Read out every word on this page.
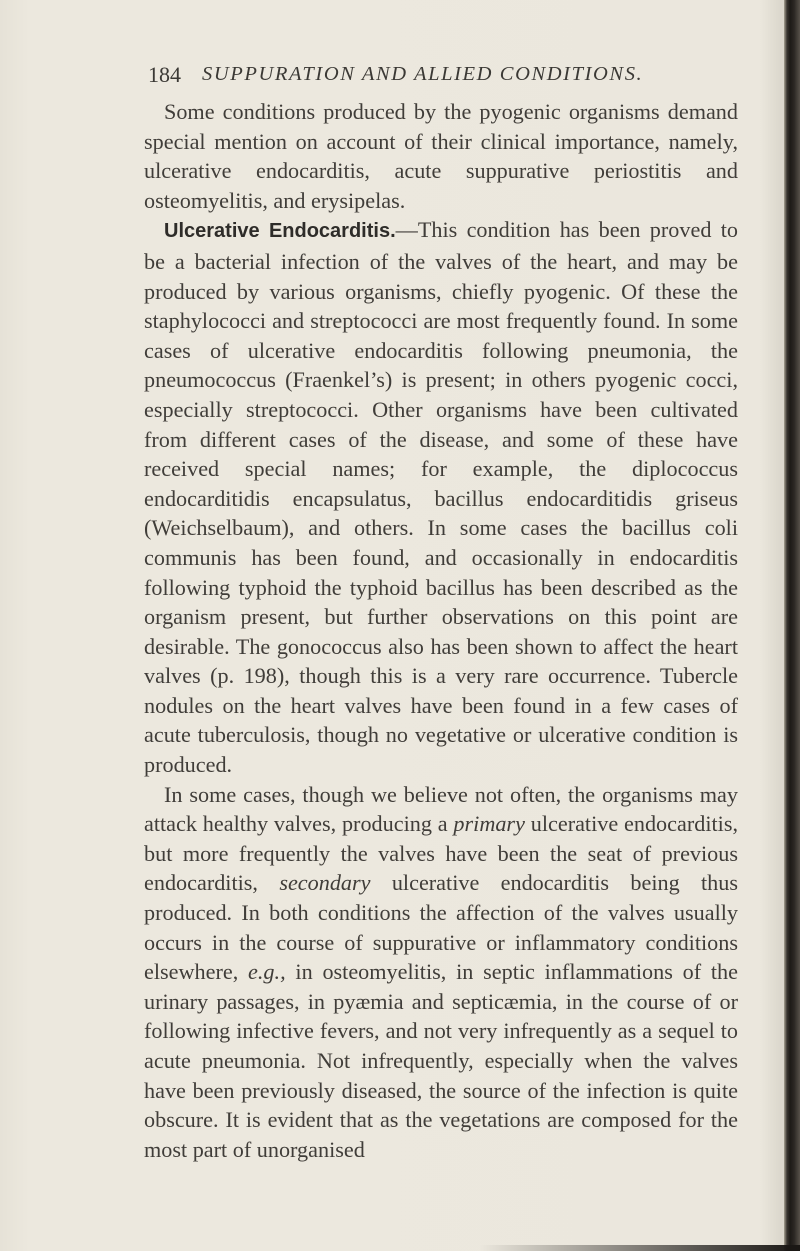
184 SUPPURATION AND ALLIED CONDITIONS.

Some conditions produced by the pyogenic organisms demand special mention on account of their clinical importance, namely, ulcerative endocarditis, acute suppurative periostitis and osteomyelitis, and erysipelas.

Ulcerative Endocarditis.—This condition has been proved to be a bacterial infection of the valves of the heart, and may be produced by various organisms, chiefly pyogenic. Of these the staphylococci and streptococci are most frequently found. In some cases of ulcerative endocarditis following pneumonia, the pneumococcus (Fraenkel’s) is present; in others pyogenic cocci, especially streptococci. Other organisms have been cultivated from different cases of the disease, and some of these have received special names; for example, the diplococcus endocarditidis encapsulatus, bacillus endocarditidis griseus (Weichselbaum), and others. In some cases the bacillus coli communis has been found, and occasionally in endocarditis following typhoid the typhoid bacillus has been described as the organism present, but further observations on this point are desirable. The gonococcus also has been shown to affect the heart valves (p. 198), though this is a very rare occurrence. Tubercle nodules on the heart valves have been found in a few cases of acute tuberculosis, though no vegetative or ulcerative condition is produced.

In some cases, though we believe not often, the organisms may attack healthy valves, producing a primary ulcerative endocarditis, but more frequently the valves have been the seat of previous endocarditis, secondary ulcerative endocarditis being thus produced. In both conditions the affection of the valves usually occurs in the course of suppurative or inflammatory conditions elsewhere, e.g., in osteomyelitis, in septic inflammations of the urinary passages, in pyæmia and septicæmia, in the course of or following infective fevers, and not very infrequently as a sequel to acute pneumonia. Not infrequently, especially when the valves have been previously diseased, the source of the infection is quite obscure. It is evident that as the vegetations are composed for the most part of unorganised
